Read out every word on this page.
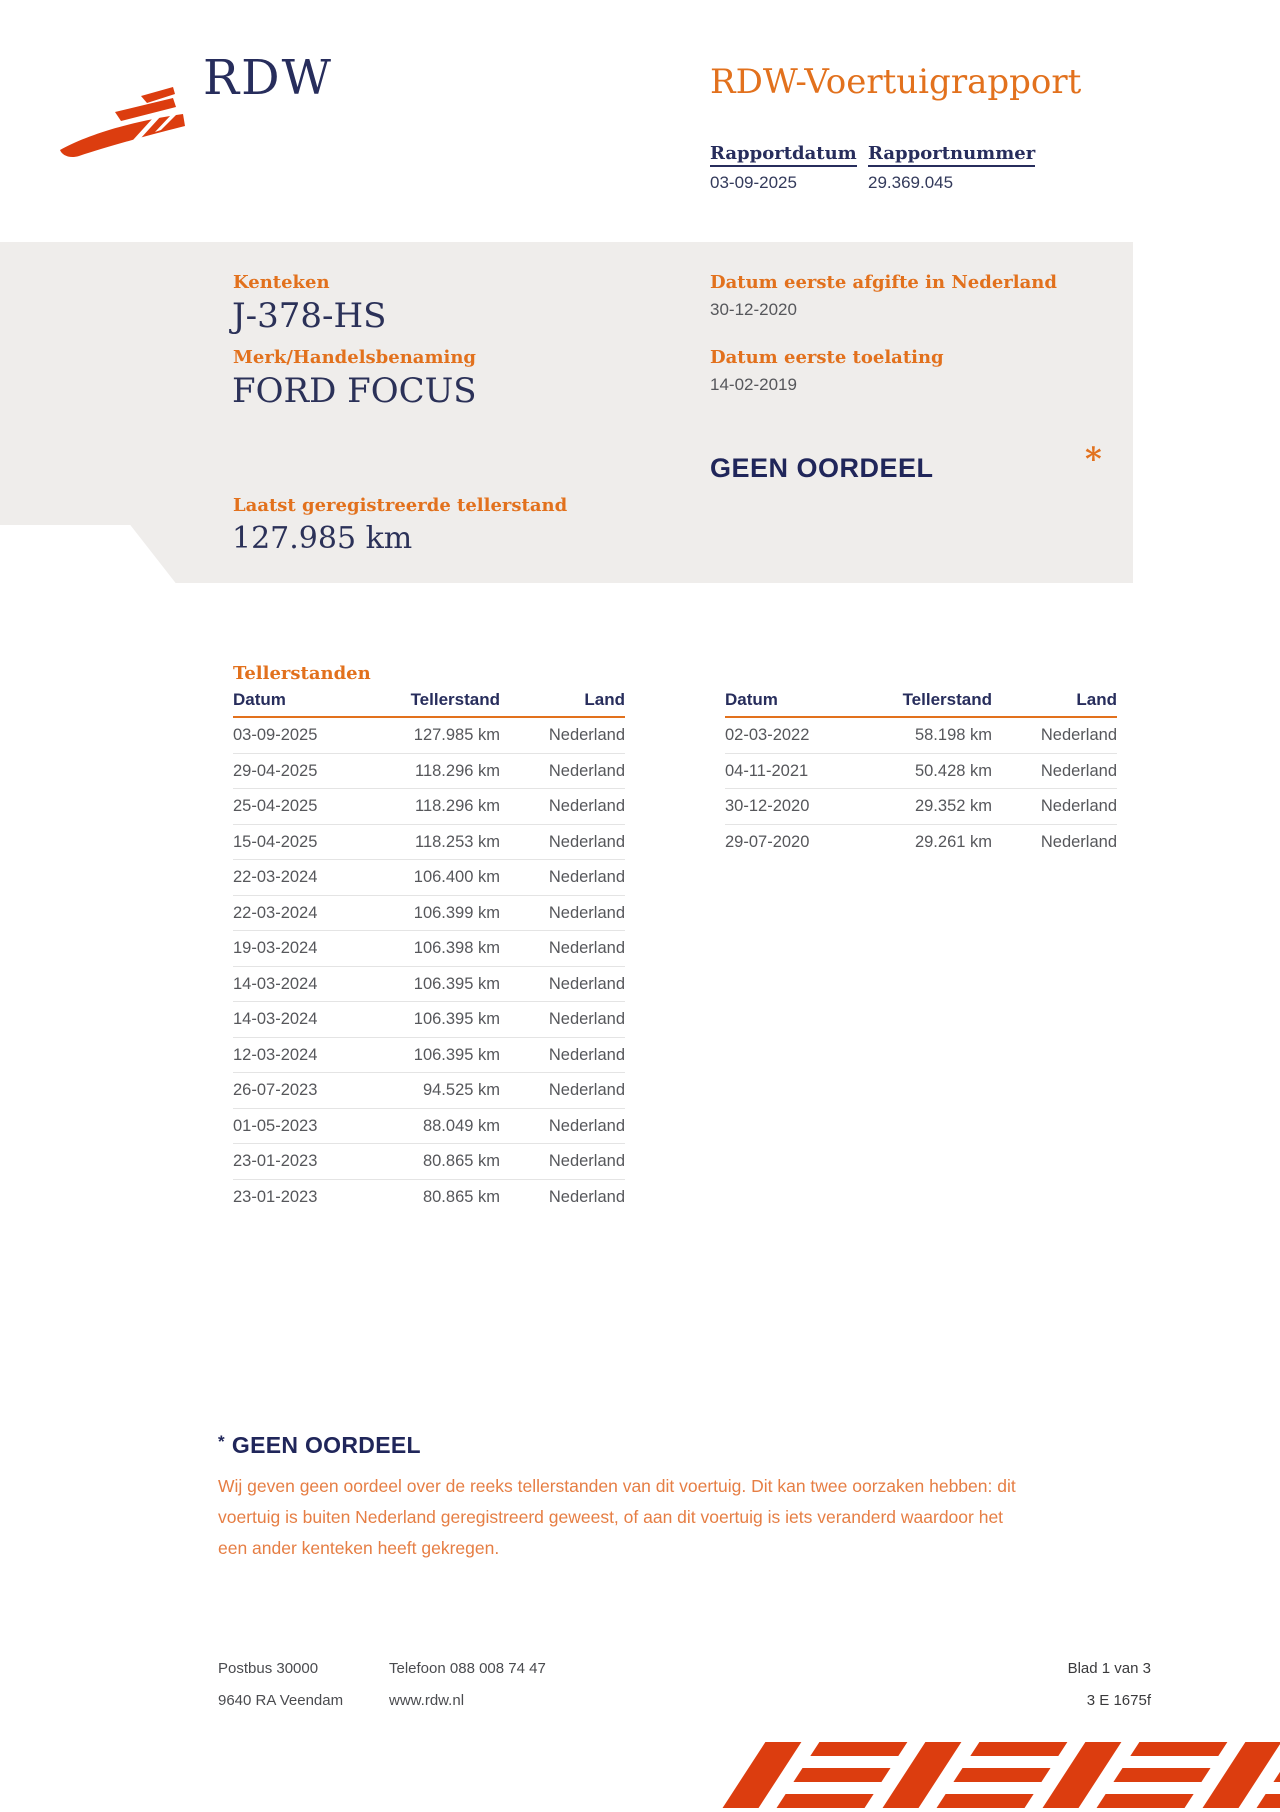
RDW	RDW-Voertuigrapport
Rapportdatum
03-09-2025
Rapportnummer
29.369.045
Kenteken
J-378-HS
Merk/Handelsbenaming
FORD FOCUS
Laatst geregistreerde tellerstand
127.985 km
Datum eerste afgifte in Nederland
30-12-2020
Datum eerste toelating
14-02-2019
GEEN OORDEEL	*
Tellerstanden
Datum	Tellerstand	Land
03-09-2025	127.985 km	Nederland
29-04-2025	118.296 km	Nederland
25-04-2025	118.296 km	Nederland
15-04-2025	118.253 km	Nederland
22-03-2024	106.400 km	Nederland
22-03-2024	106.399 km	Nederland
19-03-2024	106.398 km	Nederland
14-03-2024	106.395 km	Nederland
14-03-2024	106.395 km	Nederland
12-03-2024	106.395 km	Nederland
26-07-2023	94.525 km	Nederland
01-05-2023	88.049 km	Nederland
23-01-2023	80.865 km	Nederland
23-01-2023	80.865 km	Nederland
Datum	Tellerstand	Land
02-03-2022	58.198 km	Nederland
04-11-2021	50.428 km	Nederland
30-12-2020	29.352 km	Nederland
29-07-2020	29.261 km	Nederland
* GEEN OORDEEL
Wij geven geen oordeel over de reeks tellerstanden van dit voertuig. Dit kan twee oorzaken hebben: dit voertuig is buiten Nederland geregistreerd geweest, of aan dit voertuig is iets veranderd waardoor het een ander kenteken heeft gekregen.
Postbus 30000
9640 RA Veendam
Telefoon 088 008 74 47
www.rdw.nl
Blad 1 van 3
3 E 1675f
